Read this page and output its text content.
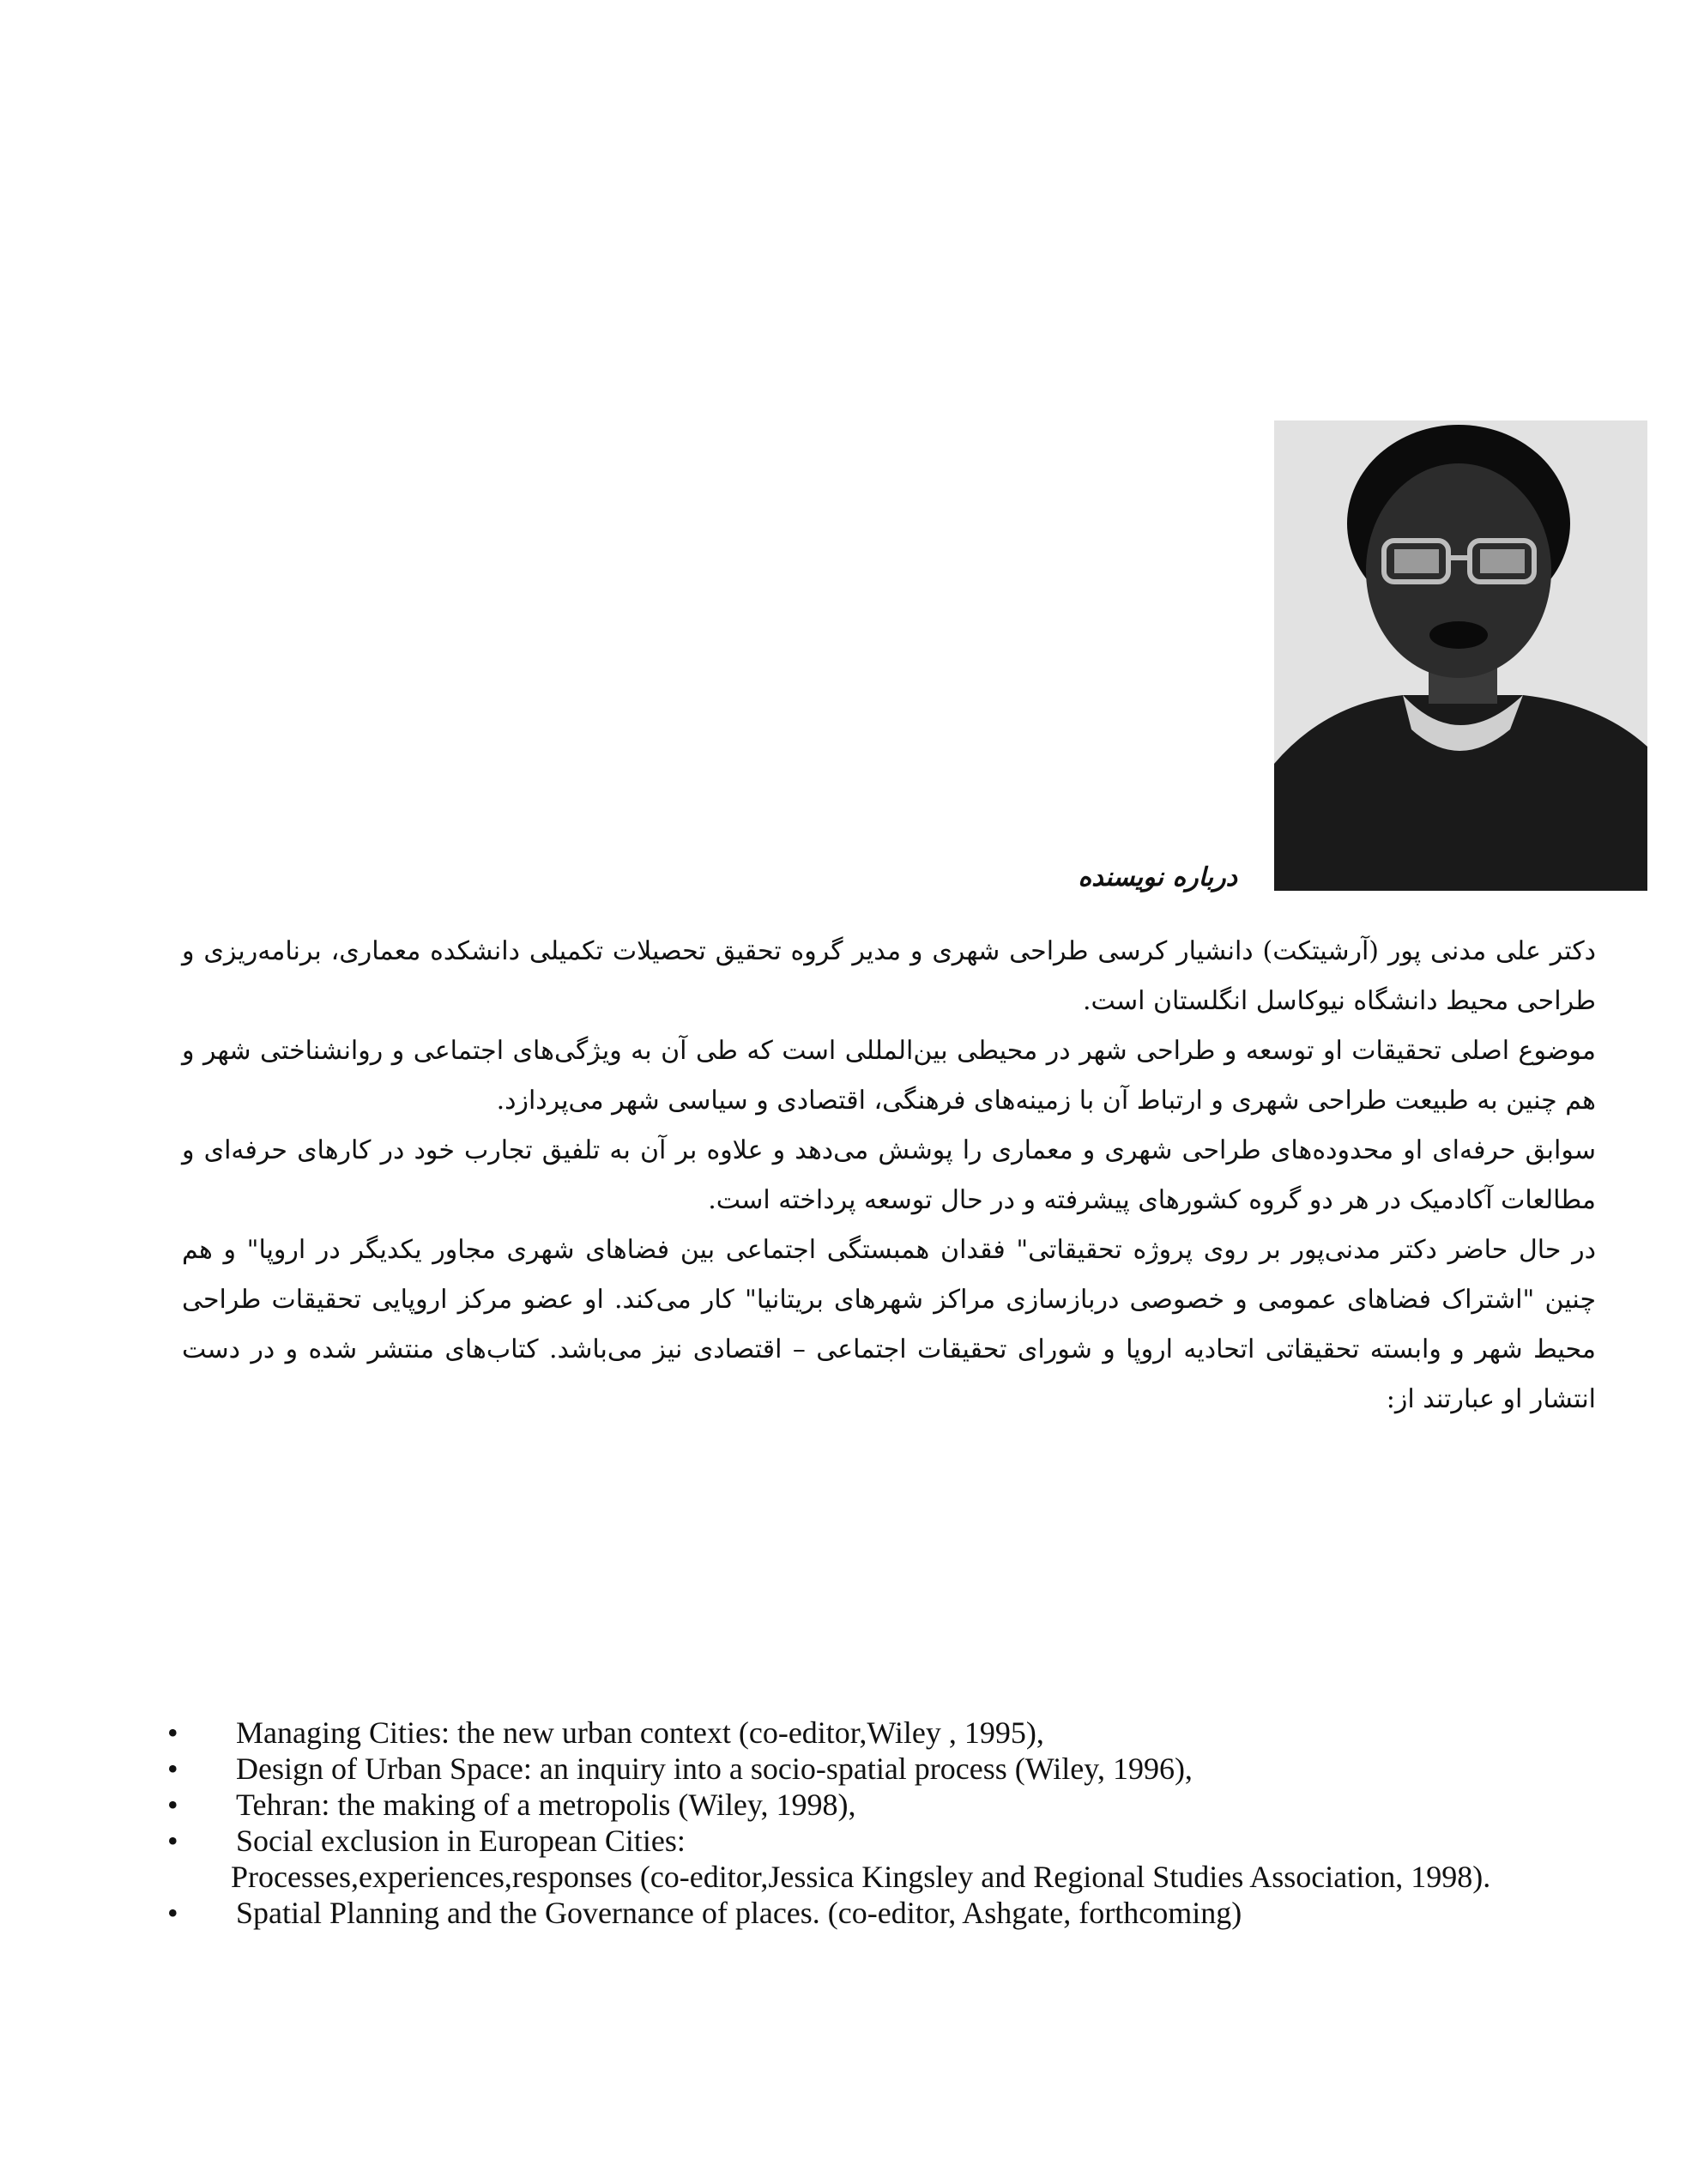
درباره نویسنده

دکتر علی مدنی پور (آرشیتکت) دانشیار کرسی طراحی شهری و مدیر گروه تحقیق تحصیلات تکمیلی دانشکده معماری، برنامه‌ریزی و طراحی محیط دانشگاه نیوکاسل انگلستان است.

موضوع اصلی تحقیقات او توسعه و طراحی شهر در محیطی بین‌المللی است که طی آن به ویژگی‌های اجتماعی و روانشناختی شهر و هم چنین به طبیعت طراحی شهری و ارتباط آن با زمینه‌های فرهنگی، اقتصادی و سیاسی شهر می‌پردازد.

سوابق حرفه‌ای او محدوده‌های طراحی شهری و معماری را پوشش می‌دهد و علاوه بر آن به تلفیق تجارب خود در کارهای حرفه‌ای و مطالعات آکادمیک در هر دو گروه کشورهای پیشرفته و در حال توسعه پرداخته است.

در حال حاضر دکتر مدنی‌پور بر روی پروژه تحقیقاتی" فقدان همبستگی اجتماعی بین فضاهای شهری مجاور یکدیگر در اروپا" و هم چنین "اشتراک فضاهای عمومی و خصوصی دربازسازی مراکز شهرهای بریتانیا" کار می‌کند. او عضو مرکز اروپایی تحقیقات طراحی محیط شهر و وابسته تحقیقاتی اتحادیه اروپا و شورای تحقیقات اجتماعی – اقتصادی نیز می‌باشد. کتاب‌های منتشر شده و در دست انتشار او عبارتند از:

• Managing Cities: the new urban context (co-editor,Wiley , 1995),
• Design of Urban Space: an inquiry into a socio-spatial process (Wiley, 1996),
• Tehran: the making of a metropolis (Wiley, 1998),
• Social exclusion in European Cities:
Processes,experiences,responses (co-editor,Jessica Kingsley and Regional Studies Association, 1998).
• Spatial Planning and the Governance of places. (co-editor, Ashgate, forthcoming)
